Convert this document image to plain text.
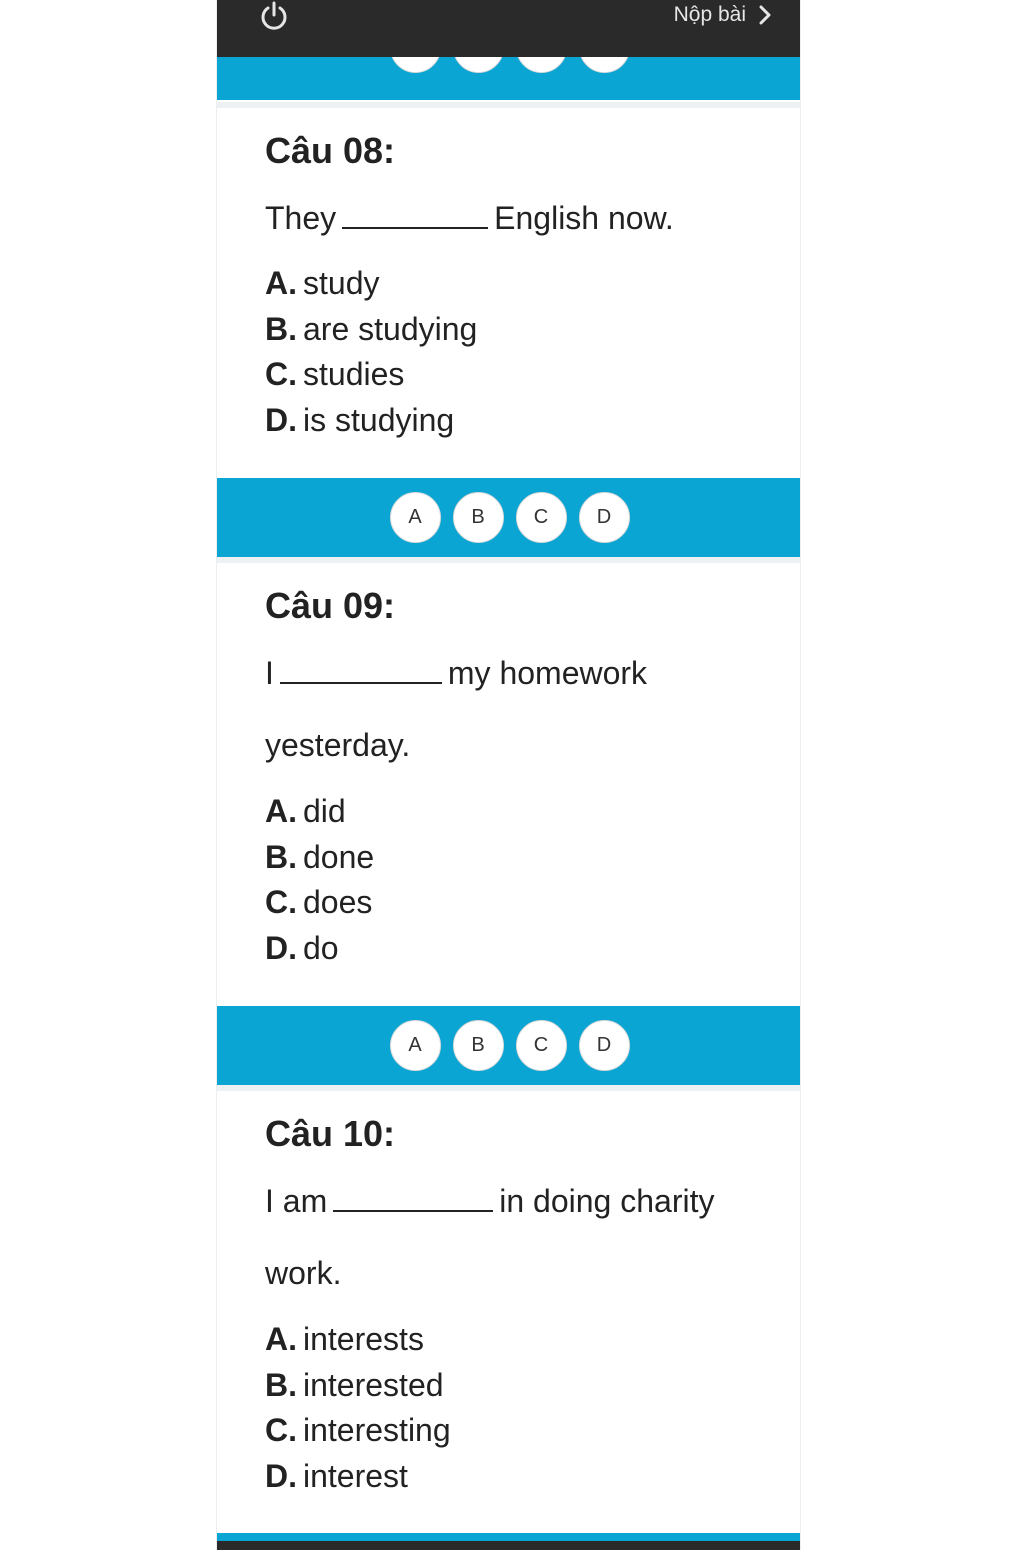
Nộp bài
Câu 08:
They	English now.
A. study
B. are studying
C. studies
D. is studying
A	B	C	D
Câu 09:
I	my homework
yesterday.
A. did
B. done
C. does
D. do
A	B	C	D
Câu 10:
I am	in doing charity
work.
A. interests
B. interested
C. interesting
D. interest
